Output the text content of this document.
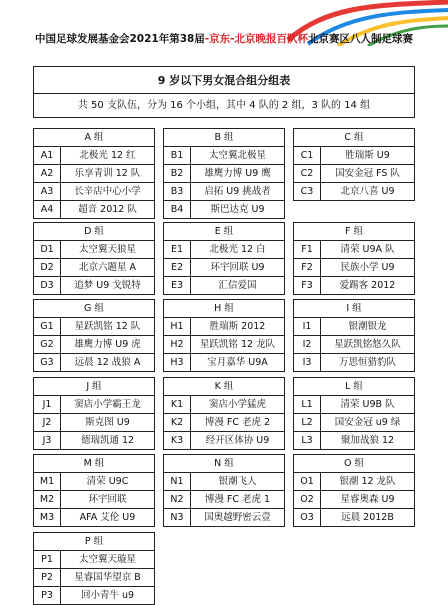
中国足球发展基金会2021年第38届-京东-北京晚报百队杯北京赛区八人制足球赛
9 岁以下男女混合组分组表
共 50 支队伍，分为 16 个小组，其中 4 队的 2 组，3 队的 14 组
A 组
A1	北极光 12 红
A2	乐享青训 12 队
A3	长辛店中心小学
A4	超音 2012 队
B 组
B1	太空翼北极星
B2	雄鹰力博 U9 鹰
B3	启拓 U9 挑战者
B4	斯巴达克 U9
C 组
C1	胜瑞斯 U9
C2	国安金冠 FS 队
C3	北京八喜 U9
D 组
D1	太空翼天狼星
D2	北京六题星 A
D3	追梦 U9 戈锐特
E 组
E1	北极光 12 白
E2	环宇回联 U9
E3	汇信爱国
F 组
F1	清荣 U9A 队
F2	民族小学 U9
F3	爱踢客 2012
G 组
G1	星跃凯铭 12 队
G2	雄鹰力博 U9 虎
G3	远晨 12 战狼 A
H 组
H1	胜瑞斯 2012
H2	星跃凯铭 12 龙队
H3	宝月嘉华 U9A
I 组
I1	银潮银龙
I2	星跃凯铭悠久队
I3	万思恒猎豹队
J 组
J1	窦店小学霸王龙
J2	斯克图 U9
J3	德瑞凯通 12
K 组
K1	窦店小学猛虎
K2	博漫 FC 老虎 2
K3	经开区体协 U9
L 组
L1	清荣 U9B 队
L2	国安金冠 u9 绿
L3	聚加战狼 12
M 组
M1	清荣 U9C
M2	环宇回联
M3	AFA 艾伦 U9
N 组
N1	银潮飞人
N2	博漫 FC 老虎 1
N3	国奥越野密云壹
O 组
O1	银潮 12 龙队
O2	星睿奥森 U9
O3	远晨 2012B
P 组
P1	太空翼天璇星
P2	星睿国华望京 B
P3	回小青牛 u9
